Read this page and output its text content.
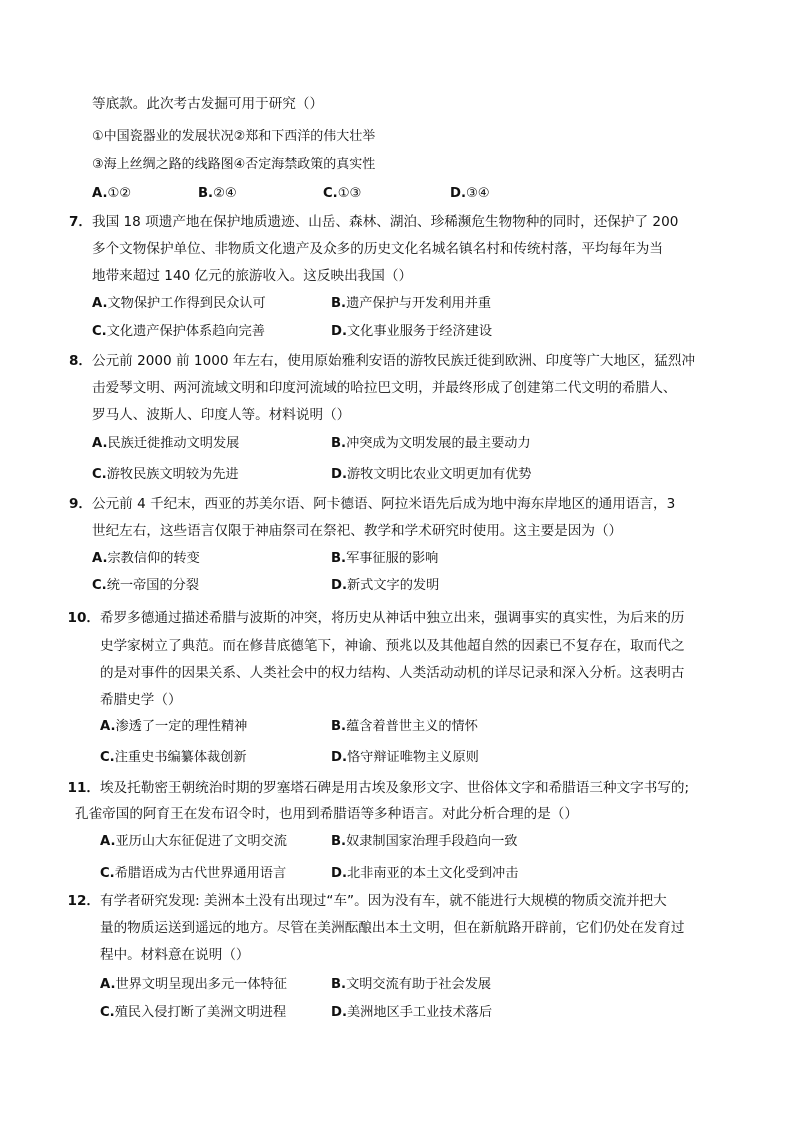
等底款。此次考古发掘可用于研究（）
①中国瓷器业的发展状况②郑和下西洋的伟大壮举
③海上丝绸之路的线路图④否定海禁政策的真实性
A.①②	B.②④	C.①③	D.③④
7． 我国 18 项遗产地在保护地质遗迹、山岳、森林、湖泊、珍稀濒危生物物种的同时，还保护了 200
多个文物保护单位、非物质文化遗产及众多的历史文化名城名镇名村和传统村落，平均每年为当
地带来超过 140 亿元的旅游收入。这反映出我国（）
A.文物保护工作得到民众认可	B.遗产保护与开发利用并重
C.文化遗产保护体系趋向完善	D.文化事业服务于经济建设
8． 公元前 2000 前 1000 年左右，使用原始雅利安语的游牧民族迁徙到欧洲、印度等广大地区，猛烈冲
击爱琴文明、两河流域文明和印度河流域的哈拉巴文明，并最终形成了创建第二代文明的希腊人、
罗马人、波斯人、印度人等。材料说明（）
A.民族迁徙推动文明发展	B.冲突成为文明发展的最主要动力
C.游牧民族文明较为先进	D.游牧文明比农业文明更加有优势
9． 公元前 4 千纪末，西亚的苏美尔语、阿卡德语、阿拉米语先后成为地中海东岸地区的通用语言，3
世纪左右，这些语言仅限于神庙祭司在祭祀、教学和学术研究时使用。这主要是因为（）
A.宗教信仰的转变	B.军事征服的影响
C.统一帝国的分裂	D.新式文字的发明
10． 希罗多德通过描述希腊与波斯的冲突，将历史从神话中独立出来，强调事实的真实性，为后来的历
史学家树立了典范。而在修昔底德笔下，神谕、预兆以及其他超自然的因素已不复存在，取而代之
的是对事件的因果关系、人类社会中的权力结构、人类活动动机的详尽记录和深入分析。这表明古
希腊史学（）
A.渗透了一定的理性精神	B.蕴含着普世主义的情怀
C.注重史书编纂体裁创新	D.恪守辩证唯物主义原则
11． 埃及托勒密王朝统治时期的罗塞塔石碑是用古埃及象形文字、世俗体文字和希腊语三种文字书写的;
孔雀帝国的阿育王在发布诏令时，也用到希腊语等多种语言。对此分析合理的是（）
A.亚历山大东征促进了文明交流	B.奴隶制国家治理手段趋向一致
C.希腊语成为古代世界通用语言	D.北非南亚的本土文化受到冲击
12． 有学者研究发现: 美洲本土没有出现过“车”。因为没有车，就不能进行大规模的物质交流并把大
量的物质运送到遥远的地方。尽管在美洲酝酿出本土文明，但在新航路开辟前，它们仍处在发育过
程中。材料意在说明（）
A.世界文明呈现出多元一体特征	B.文明交流有助于社会发展
C.殖民入侵打断了美洲文明进程	D.美洲地区手工业技术落后
